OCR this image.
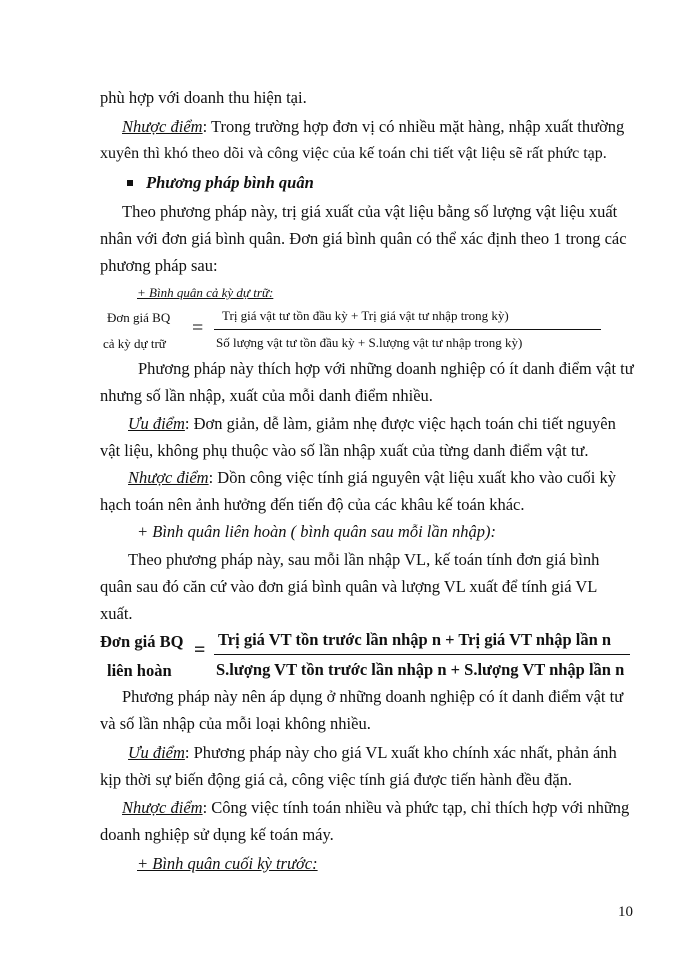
phù hợp với doanh thu hiện tại.
Nhược điểm: Trong trường hợp đơn vị có nhiều mặt hàng, nhập xuất thường
xuyên thì khó theo dõi và công việc của kế toán chi tiết vật liệu sẽ rất phức tạp.
Phương pháp bình quân
Theo phương pháp này, trị giá xuất của vật liệu bằng số lượng vật liệu xuất
nhân với đơn giá bình quân. Đơn giá bình quân có thể xác định theo 1 trong các
phương pháp sau:
+ Bình quân cả kỳ dự trữ:
Đơn giá BQ
cả kỳ dự trữ
=
Trị giá vật tư tồn đầu kỳ + Trị giá vật tư nhập trong kỳ)
Số lượng vật tư tồn đầu kỳ + S.lượng vật tư nhập trong kỳ)
Phương pháp này thích hợp với những doanh nghiệp có ít danh điểm vật tư
nhưng số lần nhập, xuất của mỗi danh điểm nhiều.
Ưu điểm: Đơn giản, dễ làm, giảm nhẹ được việc hạch toán chi tiết nguyên
vật liệu, không phụ thuộc vào số lần nhập xuất của từng danh điểm vật tư.
Nhược điểm: Dồn công việc tính giá nguyên vật liệu xuất kho vào cuối kỳ
hạch toán nên ảnh hưởng đến tiến độ của các khâu kế toán khác.
+ Bình quân liên hoàn ( bình quân sau mỗi lần nhập):
Theo phương pháp này, sau mỗi lần nhập VL, kế toán tính đơn giá bình
quân sau đó căn cứ vào đơn giá bình quân và lượng VL xuất để tính giá VL
xuất.
Đơn giá BQ
liên hoàn
= Trị giá VT tồn trước lần nhập n + Trị giá VT nhập lần n
S.lượng VT tồn trước lần nhập n + S.lượng VT nhập lần n
Phương pháp này nên áp dụng ở những doanh nghiệp có ít danh điểm vật tư
và số lần nhập của mỗi loại không nhiều.
Ưu điểm: Phương pháp này cho giá VL xuất kho chính xác nhất, phản ánh
kịp thời sự biến động giá cả, công việc tính giá được tiến hành đều đặn.
Nhược điểm: Công việc tính toán nhiều và phức tạp, chỉ thích hợp với những
doanh nghiệp sử dụng kế toán máy.
+ Bình quân cuối kỳ trước:
10
